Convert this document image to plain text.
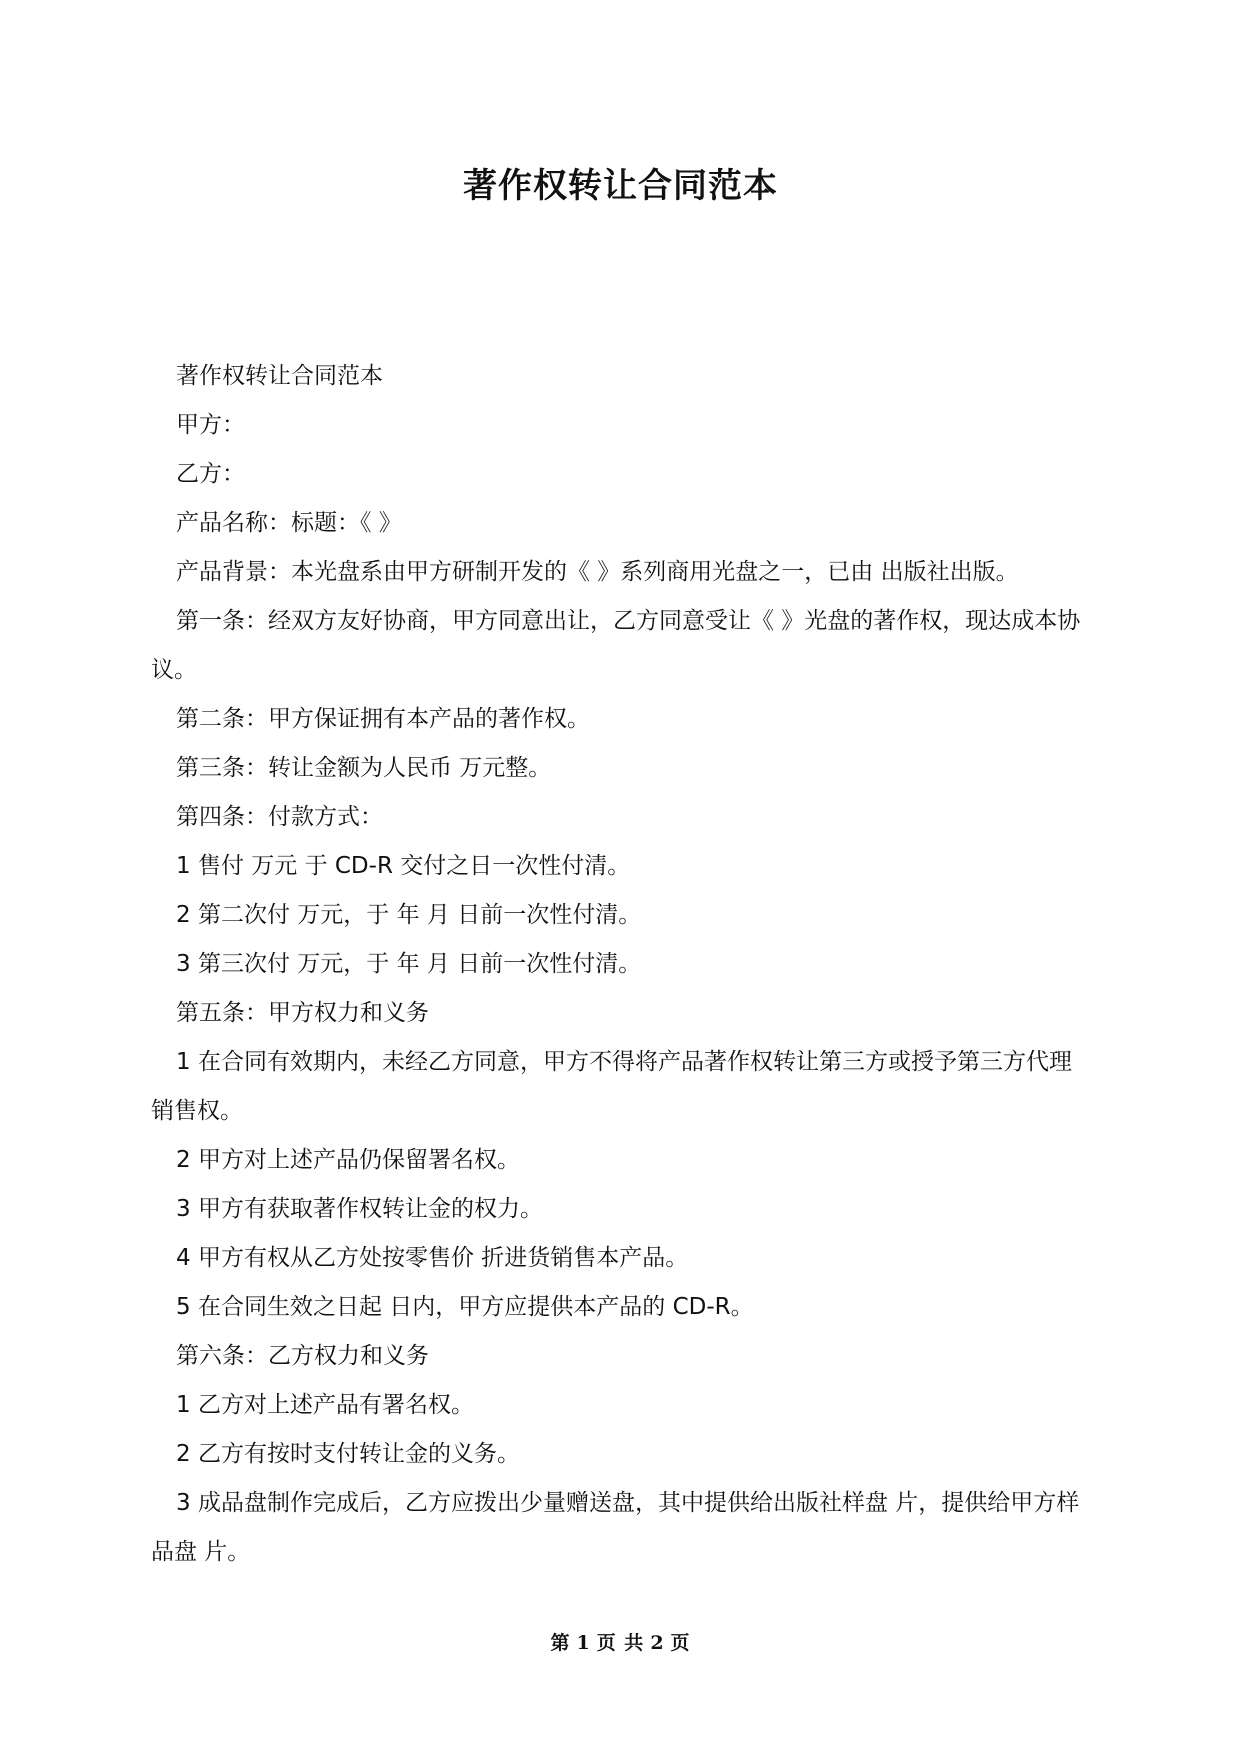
著作权转让合同范本

著作权转让合同范本

甲方：

乙方：

产品名称：标题：《 》

产品背景：本光盘系由甲方研制开发的《 》系列商用光盘之一，已由 出版社出版。

第一条：经双方友好协商，甲方同意出让，乙方同意受让《 》光盘的著作权，现达成本协议。

第二条：甲方保证拥有本产品的著作权。

第三条：转让金额为人民币 万元整。

第四条：付款方式：

1 售付 万元 于 CD-R 交付之日一次性付清。

2 第二次付 万元，于 年 月 日前一次性付清。

3 第三次付 万元，于 年 月 日前一次性付清。

第五条：甲方权力和义务

1 在合同有效期内，未经乙方同意，甲方不得将产品著作权转让第三方或授予第三方代理销售权。

2 甲方对上述产品仍保留署名权。

3 甲方有获取著作权转让金的权力。

4 甲方有权从乙方处按零售价 折进货销售本产品。

5 在合同生效之日起 日内，甲方应提供本产品的 CD-R。

第六条：乙方权力和义务

1 乙方对上述产品有署名权。

2 乙方有按时支付转让金的义务。

3 成品盘制作完成后，乙方应拨出少量赠送盘，其中提供给出版社样盘 片，提供给甲方样品盘 片。

第 1 页 共 2 页
